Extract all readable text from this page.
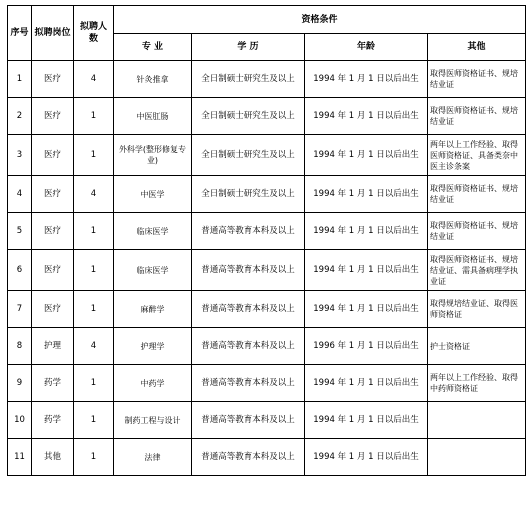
序号	拟聘岗位	拟聘人数	资格条件			
			专 业	学 历	年龄	其他
1	医疗	4	针灸推拿	全日制硕士研究生及以上	1994 年 1 月 1 日以后出生	取得医师资格证书、规培结业证
2	医疗	1	中医肛肠	全日制硕士研究生及以上	1994 年 1 月 1 日以后出生	取得医师资格证书、规培结业证
3	医疗	1	外科学(整形修复专业)	全日制硕士研究生及以上	1994 年 1 月 1 日以后出生	两年以上工作经验、取得医师资格证、具备类奈中医主诊条案
4	医疗	4	中医学	全日制硕士研究生及以上	1994 年 1 月 1 日以后出生	取得医师资格证书、规培结业证
5	医疗	1	临床医学	普通高等教育本科及以上	1994 年 1 月 1 日以后出生	取得医师资格证书、规培结业证
6	医疗	1	临床医学	普通高等教育本科及以上	1994 年 1 月 1 日以后出生	取得医师资格证书、规培结业证、需具备病理学执业证
7	医疗	1	麻醉学	普通高等教育本科及以上	1994 年 1 月 1 日以后出生	取得规培结业证、取得医师资格证
8	护理	4	护理学	普通高等教育本科及以上	1996 年 1 月 1 日以后出生	护士资格证
9	药学	1	中药学	普通高等教育本科及以上	1994 年 1 月 1 日以后出生	两年以上工作经验、取得中药师资格证
10	药学	1	制药工程与设计	普通高等教育本科及以上	1994 年 1 月 1 日以后出生	
11	其他	1	法律	普通高等教育本科及以上	1994 年 1 月 1 日以后出生	
